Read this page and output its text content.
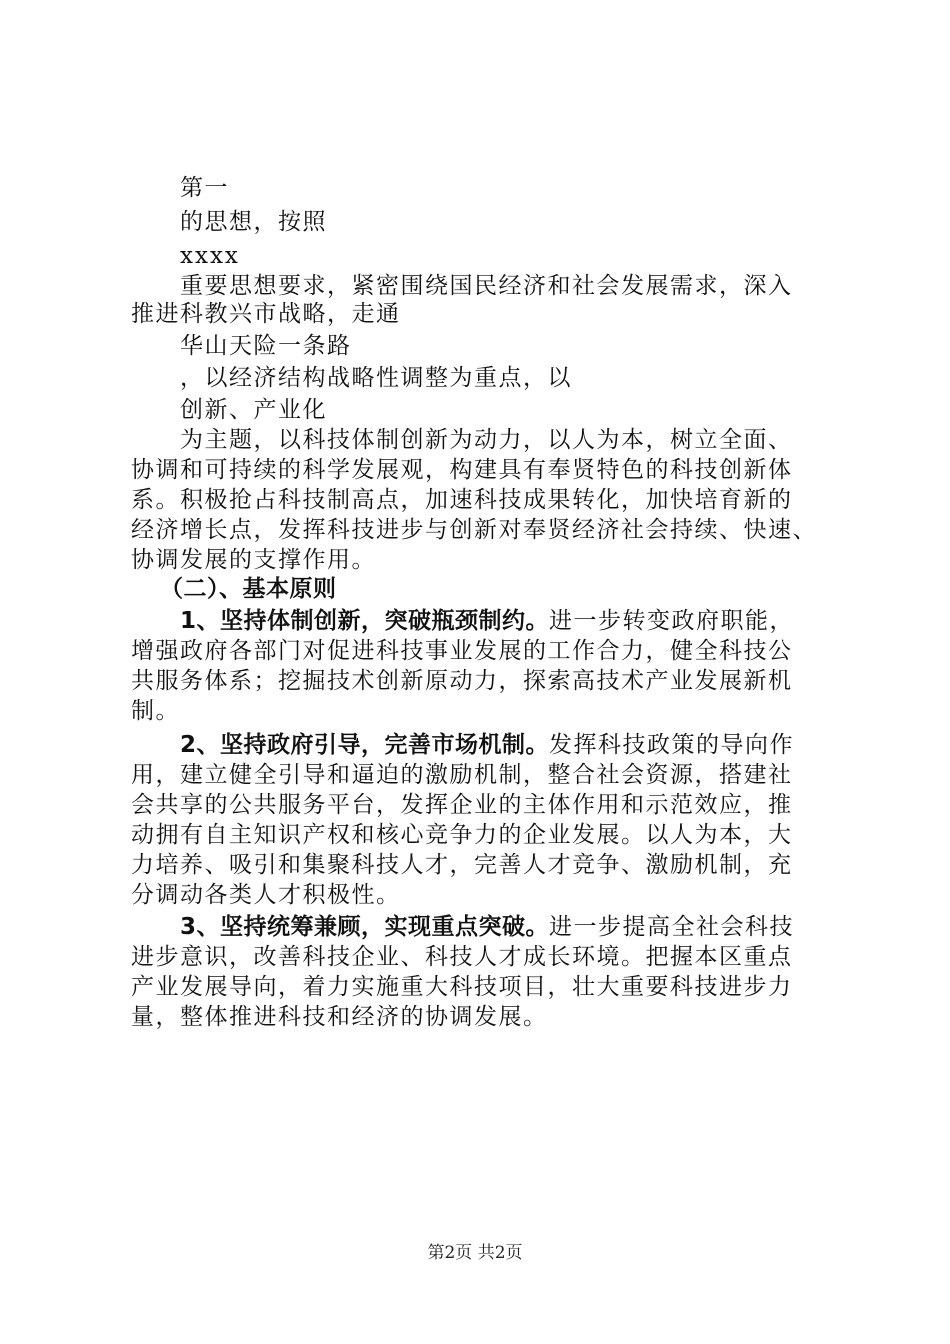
第一
的思想，按照
xxxx
重要思想要求，紧密围绕国民经济和社会发展需求，深入
推进科教兴市战略，走通
华山天险一条路
，以经济结构战略性调整为重点，以
创新、产业化
为主题，以科技体制创新为动力，以人为本，树立全面、
协调和可持续的科学发展观，构建具有奉贤特色的科技创新体
系。积极抢占科技制高点，加速科技成果转化，加快培育新的
经济增长点，发挥科技进步与创新对奉贤经济社会持续、快速、
协调发展的支撑作用。
（二）、基本原则
1、坚持体制创新，突破瓶颈制约。进一步转变政府职能，
增强政府各部门对促进科技事业发展的工作合力，健全科技公
共服务体系；挖掘技术创新原动力，探索高技术产业发展新机
制。
2、坚持政府引导，完善市场机制。发挥科技政策的导向作
用，建立健全引导和逼迫的激励机制，整合社会资源，搭建社
会共享的公共服务平台，发挥企业的主体作用和示范效应，推
动拥有自主知识产权和核心竞争力的企业发展。以人为本，大
力培养、吸引和集聚科技人才，完善人才竞争、激励机制，充
分调动各类人才积极性。
3、坚持统筹兼顾，实现重点突破。进一步提高全社会科技
进步意识，改善科技企业、科技人才成长环境。把握本区重点
产业发展导向，着力实施重大科技项目，壮大重要科技进步力
量，整体推进科技和经济的协调发展。
第2页 共2页
